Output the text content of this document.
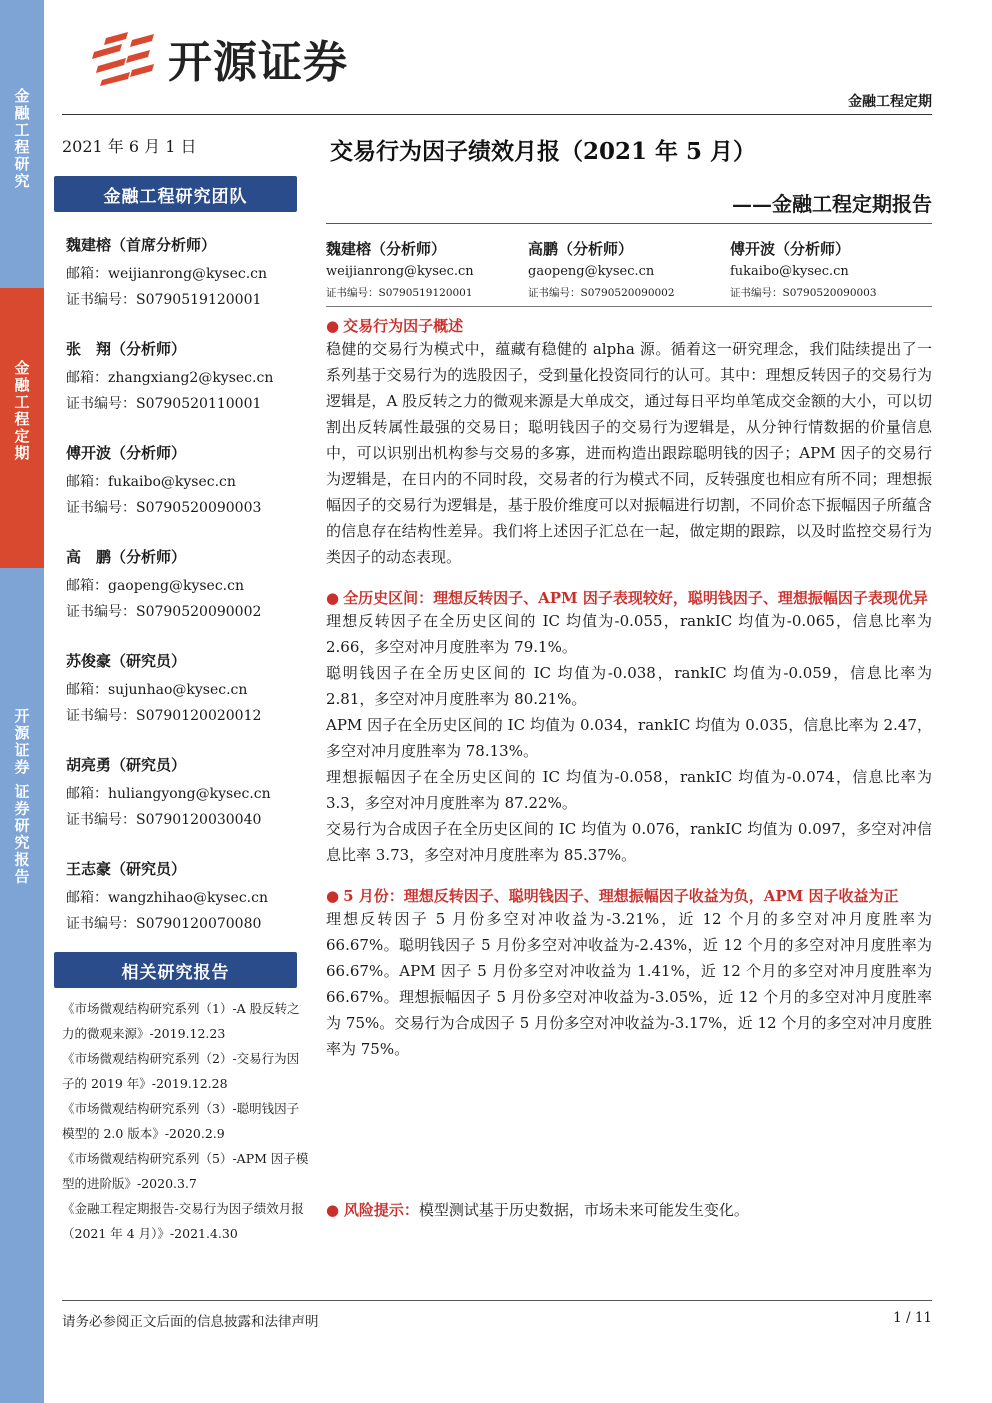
金融工程研究
金融工程定期
开源证券 证券研究报告
开源证券
金融工程定期
2021 年 6 月 1 日	交易行为因子绩效月报（2021 年 5 月）
——金融工程定期报告
金融工程研究团队
魏建榕（首席分析师）
邮箱：weijianrong@kysec.cn
证书编号：S0790519120001
张　翔（分析师）
邮箱：zhangxiang2@kysec.cn
证书编号：S0790520110001
傅开波（分析师）
邮箱：fukaibo@kysec.cn
证书编号：S0790520090003
高　鹏（分析师）
邮箱：gaopeng@kysec.cn
证书编号：S0790520090002
苏俊豪（研究员）
邮箱：sujunhao@kysec.cn
证书编号：S0790120020012
胡亮勇（研究员）
邮箱：huliangyong@kysec.cn
证书编号：S0790120030040
王志豪（研究员）
邮箱：wangzhihao@kysec.cn
证书编号：S0790120070080
相关研究报告
《市场微观结构研究系列（1）-A 股反转之力的微观来源》-2019.12.23
《市场微观结构研究系列（2）-交易行为因子的 2019 年》-2019.12.28
《市场微观结构研究系列（3）-聪明钱因子模型的 2.0 版本》-2020.2.9
《市场微观结构研究系列（5）-APM 因子模型的进阶版》-2020.3.7
《金融工程定期报告-交易行为因子绩效月报（2021 年 4 月）》-2021.4.30
魏建榕（分析师）
weijianrong@kysec.cn
证书编号：S0790519120001
高鹏（分析师）
gaopeng@kysec.cn
证书编号：S0790520090002
傅开波（分析师）
fukaibo@kysec.cn
证书编号：S0790520090003
● 交易行为因子概述
稳健的交易行为模式中，蕴藏有稳健的 alpha 源。循着这一研究理念，我们陆续提出了一系列基于交易行为的选股因子，受到量化投资同行的认可。其中：理想反转因子的交易行为逻辑是，A 股反转之力的微观来源是大单成交，通过每日平均单笔成交金额的大小，可以切割出反转属性最强的交易日；聪明钱因子的交易行为逻辑是，从分钟行情数据的价量信息中，可以识别出机构参与交易的多寡，进而构造出跟踪聪明钱的因子；APM 因子的交易行为逻辑是，在日内的不同时段，交易者的行为模式不同，反转强度也相应有所不同；理想振幅因子的交易行为逻辑是，基于股价维度可以对振幅进行切割，不同价态下振幅因子所蕴含的信息存在结构性差异。我们将上述因子汇总在一起，做定期的跟踪，以及时监控交易行为类因子的动态表现。
● 全历史区间：理想反转因子、APM 因子表现较好，聪明钱因子、理想振幅因子表现优异
理想反转因子在全历史区间的 IC 均值为-0.055，rankIC 均值为-0.065，信息比率为 2.66，多空对冲月度胜率为 79.1%。
聪明钱因子在全历史区间的 IC 均值为-0.038，rankIC 均值为-0.059，信息比率为 2.81，多空对冲月度胜率为 80.21%。
APM 因子在全历史区间的 IC 均值为 0.034，rankIC 均值为 0.035，信息比率为 2.47，多空对冲月度胜率为 78.13%。
理想振幅因子在全历史区间的 IC 均值为-0.058，rankIC 均值为-0.074，信息比率为 3.3，多空对冲月度胜率为 87.22%。
交易行为合成因子在全历史区间的 IC 均值为 0.076，rankIC 均值为 0.097，多空对冲信息比率 3.73，多空对冲月度胜率为 85.37%。
● 5 月份：理想反转因子、聪明钱因子、理想振幅因子收益为负，APM 因子收益为正
理想反转因子 5 月份多空对冲收益为-3.21%，近 12 个月的多空对冲月度胜率为 66.67%。聪明钱因子 5 月份多空对冲收益为-2.43%，近 12 个月的多空对冲月度胜率为 66.67%。APM 因子 5 月份多空对冲收益为 1.41%，近 12 个月的多空对冲月度胜率为 66.67%。理想振幅因子 5 月份多空对冲收益为-3.05%，近 12 个月的多空对冲月度胜率为 75%。交易行为合成因子 5 月份多空对冲收益为-3.17%，近 12 个月的多空对冲月度胜率为 75%。
● 风险提示：模型测试基于历史数据，市场未来可能发生变化。
请务必参阅正文后面的信息披露和法律声明	1 / 11
